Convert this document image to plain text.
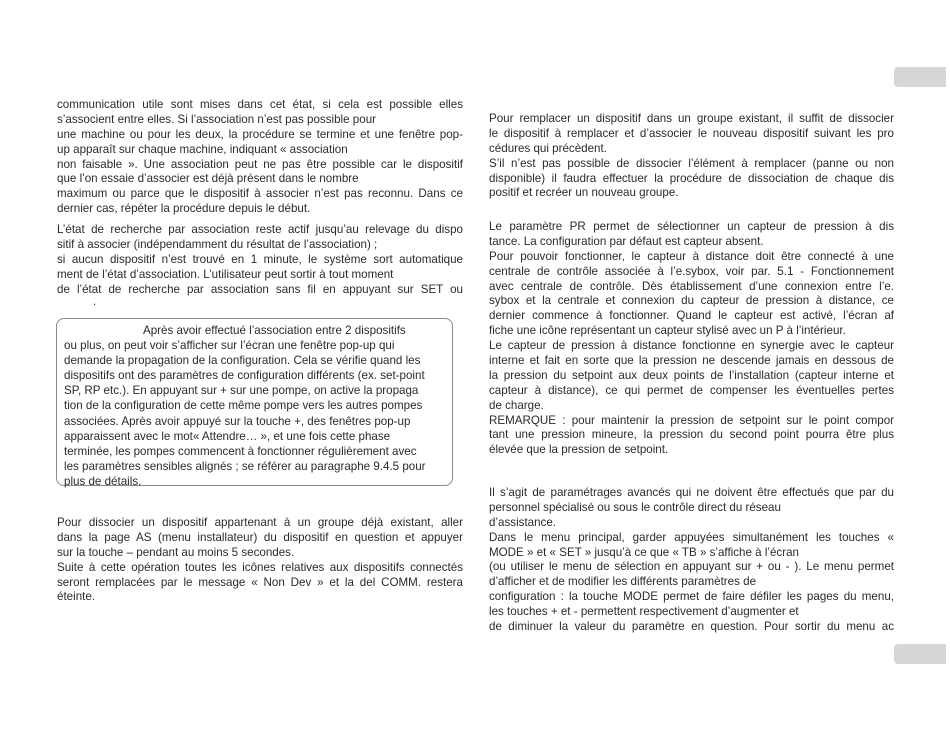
communication utile sont mises dans cet état, si cela est possible elles
s’associent entre elles. Si l’association n’est pas possible pour
une machine ou pour les deux, la procédure se termine et une fenêtre pop-
up apparaît sur chaque machine, indiquant « association
non faisable ». Une association peut ne pas être possible car le dispositif
que l’on essaie d’associer est déjà présent dans le nombre
maximum ou parce que le dispositif à associer n’est pas reconnu. Dans ce
dernier cas, répéter la procédure depuis le début.
L’état de recherche par association reste actif jusqu’au relevage du dispo
sitif à associer (indépendamment du résultat de l’association) ;
si aucun dispositif n’est trouvé en 1 minute, le système sort automatique
ment de l’état d’association. L’utilisateur peut sortir à tout moment
de l’état de recherche par association sans fil en appuyant sur SET ou
.
Après avoir effectué l’association entre 2 dispositifs
ou plus, on peut voir s’afficher sur l’écran une fenêtre pop-up qui
demande la propagation de la configuration. Cela se vérifie quand les
dispositifs ont des paramètres de configuration différents (ex. set-point
SP, RP etc.). En appuyant sur + sur une pompe, on active la propaga
tion de la configuration de cette même pompe vers les autres pompes
associées. Après avoir appuyé sur la touche +, des fenêtres pop-up
apparaissent avec le mot« Attendre… », et une fois cette phase
terminée, les pompes commencent à fonctionner régulièrement avec
les paramètres sensibles alignés ; se référer au paragraphe 9.4.5 pour
plus de détails.
Pour dissocier un dispositif appartenant à un groupe déjà existant, aller
dans la page AS (menu installateur) du dispositif en question et appuyer
sur la touche – pendant au moins 5 secondes.
Suite à cette opération toutes les icônes relatives aux dispositifs connectés
seront remplacées par le message « Non Dev » et la del COMM. restera
éteinte.
Pour remplacer un dispositif dans un groupe existant, il suffit de dissocier
le dispositif à remplacer et d’associer le nouveau dispositif suivant les pro
cédures qui précèdent.
S’il n’est pas possible de dissocier l’élément à remplacer (panne ou non
disponible) il faudra effectuer la procédure de dissociation de chaque dis
positif et recréer un nouveau groupe.
Le paramètre PR permet de sélectionner un capteur de pression à dis
tance. La configuration par défaut est capteur absent.
Pour pouvoir fonctionner, le capteur à distance doit être connecté à une
centrale de contrôle associée à l’e.sybox, voir par. 5.1 - Fonctionnement
avec centrale de contrôle. Dès établissement d’une connexion entre l’e.
sybox et la centrale et connexion du capteur de pression à distance, ce
dernier commence à fonctionner. Quand le capteur est activé, l’écran af
fiche une icône représentant un capteur stylisé avec un P à l’intérieur.
Le capteur de pression à distance fonctionne en synergie avec le capteur
interne et fait en sorte que la pression ne descende jamais en dessous de
la pression du setpoint aux deux points de l’installation (capteur interne et
capteur à distance), ce qui permet de compenser les éventuelles pertes
de charge.
REMARQUE : pour maintenir la pression de setpoint sur le point compor
tant une pression mineure, la pression du second point pourra être plus
élevée que la pression de setpoint.
Il s’agit de paramétrages avancés qui ne doivent être effectués que par du
personnel spécialisé ou sous le contrôle direct du réseau
d’assistance.
Dans le menu principal, garder appuyées simultanément les touches «
MODE » et « SET » jusqu’à ce que « TB » s’affiche à l’écran
(ou utiliser le menu de sélection en appuyant sur + ou - ). Le menu permet
d’afficher et de modifier les différents paramètres de
configuration : la touche MODE permet de faire défiler les pages du menu,
les touches + et - permettent respectivement d’augmenter et
de diminuer la valeur du paramètre en question. Pour sortir du menu ac
